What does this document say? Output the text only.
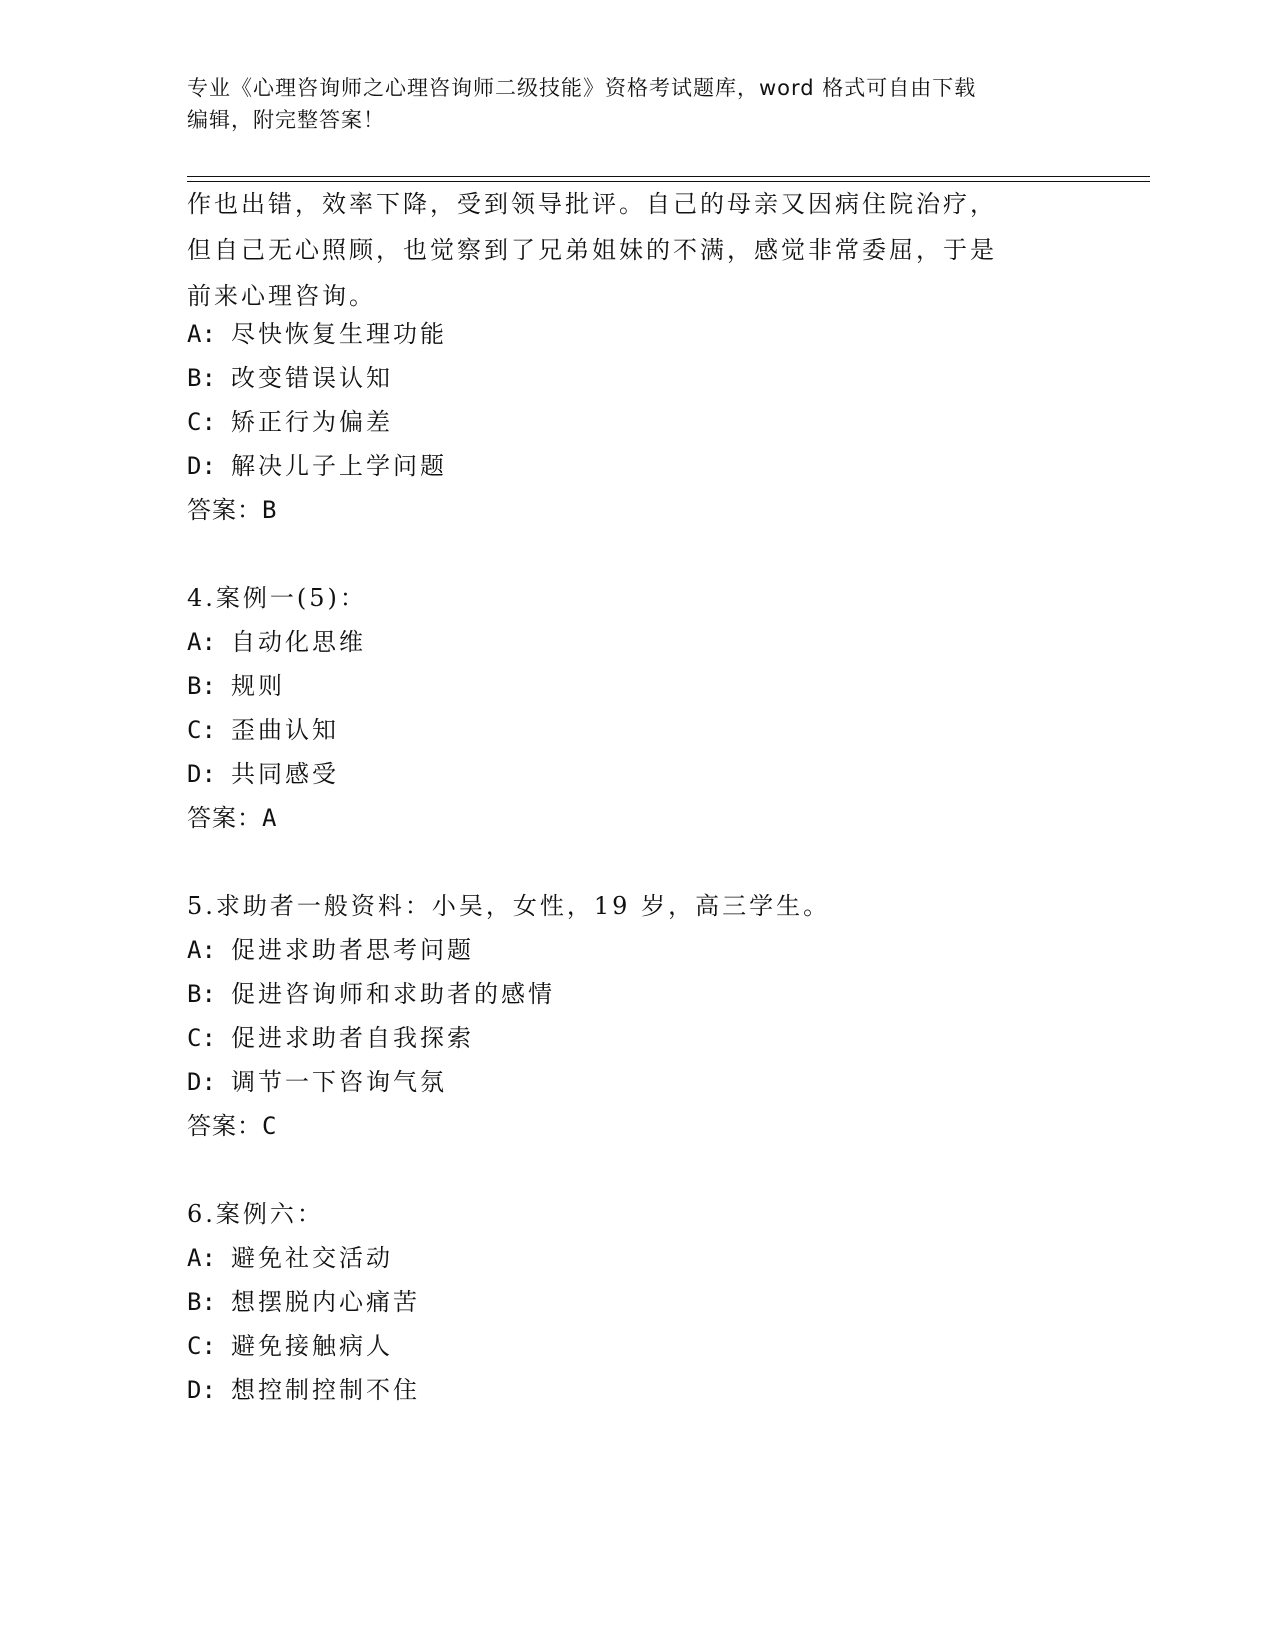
专业《心理咨询师之心理咨询师二级技能》资格考试题库，word 格式可自由下载
编辑，附完整答案！
作也出错，效率下降，受到领导批评。自己的母亲又因病住院治疗，
但自己无心照顾，也觉察到了兄弟姐妹的不满，感觉非常委屈，于是
前来心理咨询。
A: 尽快恢复生理功能
B: 改变错误认知
C: 矫正行为偏差
D: 解决儿子上学问题
答案：B
4.案例一(5)：
A: 自动化思维
B: 规则
C: 歪曲认知
D: 共同感受
答案：A
5.求助者一般资料：小吴，女性，19 岁，高三学生。
A: 促进求助者思考问题
B: 促进咨询师和求助者的感情
C: 促进求助者自我探索
D: 调节一下咨询气氛
答案：C
6.案例六：
A: 避免社交活动
B: 想摆脱内心痛苦
C: 避免接触病人
D: 想控制控制不住
